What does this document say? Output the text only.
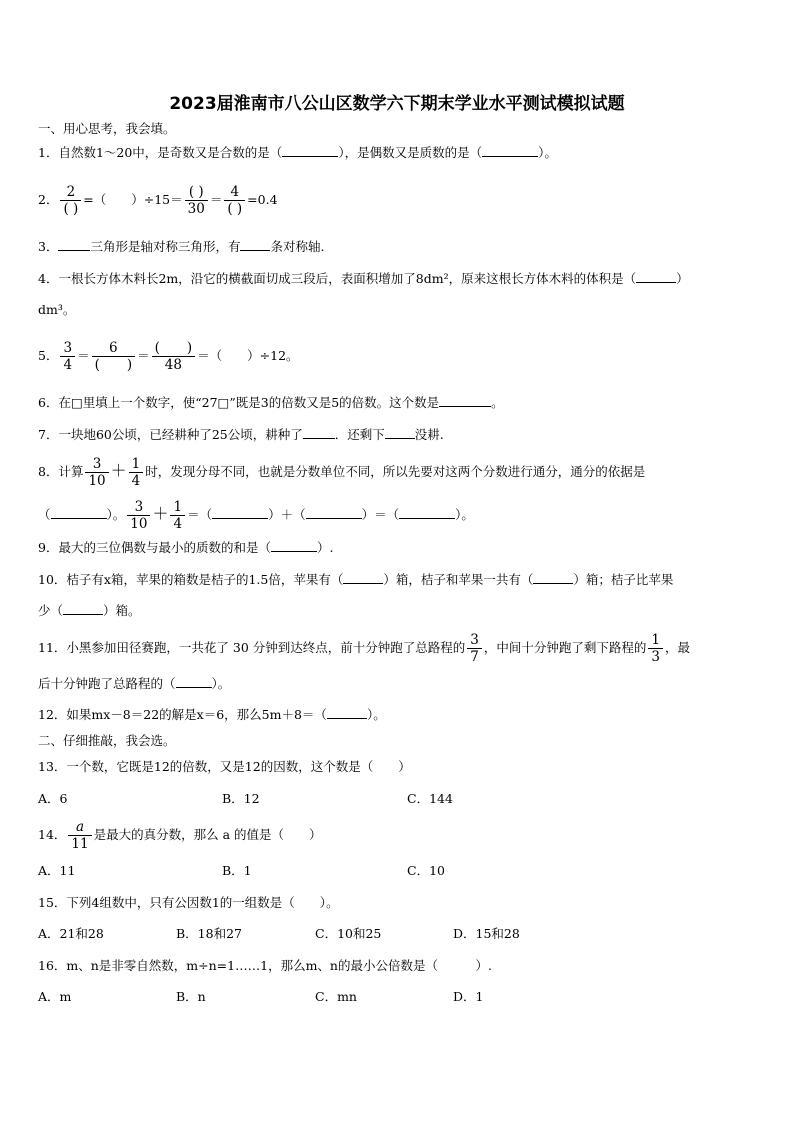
2023届淮南市八公山区数学六下期末学业水平测试模拟试题
一、用心思考，我会填。
1．自然数1～20中，是奇数又是合数的是（	），是偶数又是质数的是（	）。
2． $\frac{2}{( )}$ =（　　）$\div 15= \frac{( )}{30} = \frac{4}{( )} =0.4$
3．	三角形是轴对称三角形，有 条对称轴.
4．一根长方体木料长2m，沿它的横截面切成三段后，表面积增加了8dm²，原来这根长方体木料的体积是（	）
dm³。
5． $\frac{3}{4} = \frac{6}{( )} = \frac{( )}{48}$ ＝（　　）÷12。
6．在□里填上一个数字，使“27□”既是3的倍数又是5的倍数。这个数是	。
7．一块地60公顷，已经耕种了25公顷，耕种了	．还剩下 没耕.
8．计算 $\frac{3}{10} + \frac{1}{4}$ 时，发现分母不同，也就是分数单位不同，所以先要对这两个分数进行通分，通分的依据是
（	）。 $\frac{3}{10} + \frac{1}{4}$ ＝（	）＋（	）＝（	）。
9．最大的三位偶数与最小的质数的和是（	）.
10．桔子有x箱，苹果的箱数是桔子的1.5倍，苹果有（	）箱，桔子和苹果一共有（	）箱；桔子比苹果
少（	）箱。
11．小黑参加田径赛跑，一共花了 30 分钟到达终点，前十分钟跑了总路程的 $\frac{3}{7}$ ，中间十分钟跑了剩下路程的 $\frac{1}{3}$ ，最
后十分钟跑了总路程的（	）。
12．如果mx－8＝22的解是x＝6，那么5m＋8＝（	）。
二、仔细推敲，我会选。
13．一个数，它既是12的倍数，又是12的因数，这个数是（　　）
A．6	B．12	C．144
14． $\frac{a}{11}$ 是最大的真分数，那么 a 的值是（　　）
A．11	B．1	C．10
15．下列4组数中，只有公因数1的一组数是（　　）。
A．21和28	B．18和27	C．10和25	D．15和28
16．m、n是非零自然数，m÷n=1……1，那么m、n的最小公倍数是（　　　）.
A．m	B．n	C．mn	D．1
